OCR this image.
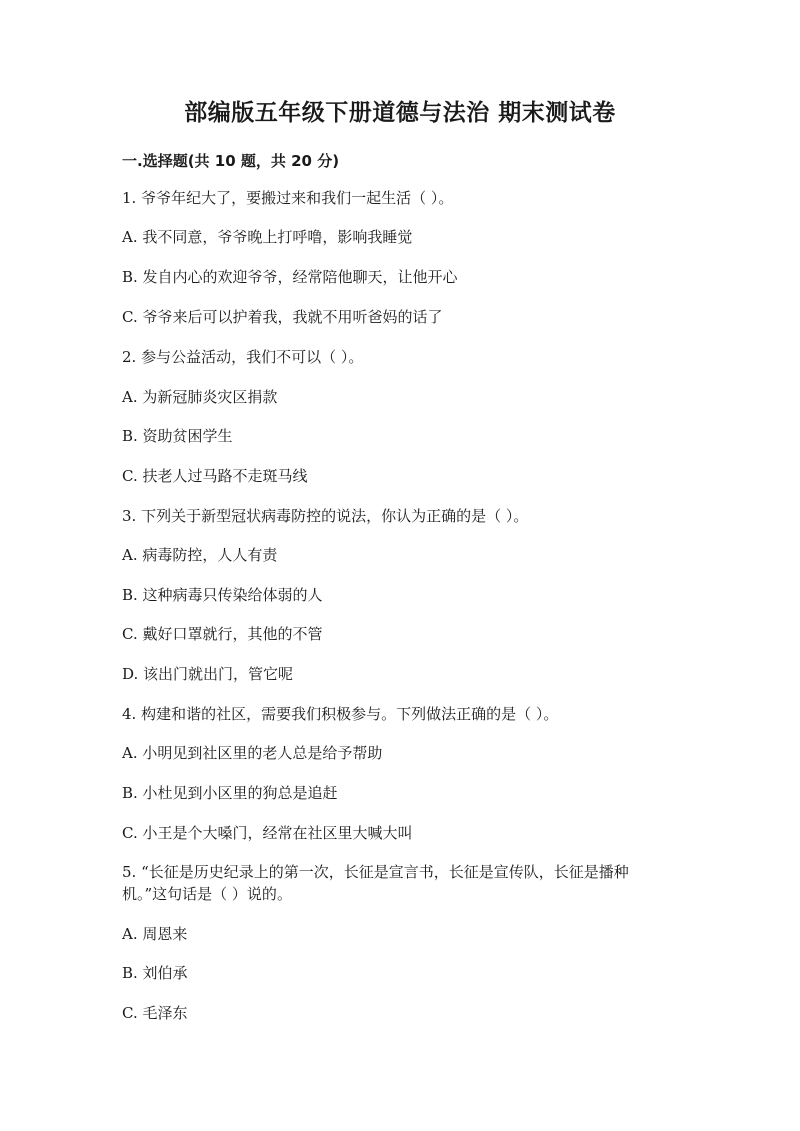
部编版五年级下册道德与法治 期末测试卷
一.选择题(共 10 题，共 20 分)
1. 爷爷年纪大了，要搬过来和我们一起生活（ ）。
A. 我不同意，爷爷晚上打呼噜，影响我睡觉
B. 发自内心的欢迎爷爷，经常陪他聊天，让他开心
C. 爷爷来后可以护着我，我就不用听爸妈的话了
2. 参与公益活动，我们不可以（ ）。
A. 为新冠肺炎灾区捐款
B. 资助贫困学生
C. 扶老人过马路不走斑马线
3. 下列关于新型冠状病毒防控的说法，你认为正确的是（ ）。
A. 病毒防控，人人有责
B. 这种病毒只传染给体弱的人
C. 戴好口罩就行，其他的不管
D. 该出门就出门，管它呢
4. 构建和谐的社区，需要我们积极参与。下列做法正确的是（ ）。
A. 小明见到社区里的老人总是给予帮助
B. 小杜见到小区里的狗总是追赶
C. 小王是个大嗓门，经常在社区里大喊大叫
5. “长征是历史纪录上的第一次，长征是宣言书，长征是宣传队，长征是播种
机。”这句话是（ ）说的。
A. 周恩来
B. 刘伯承
C. 毛泽东
